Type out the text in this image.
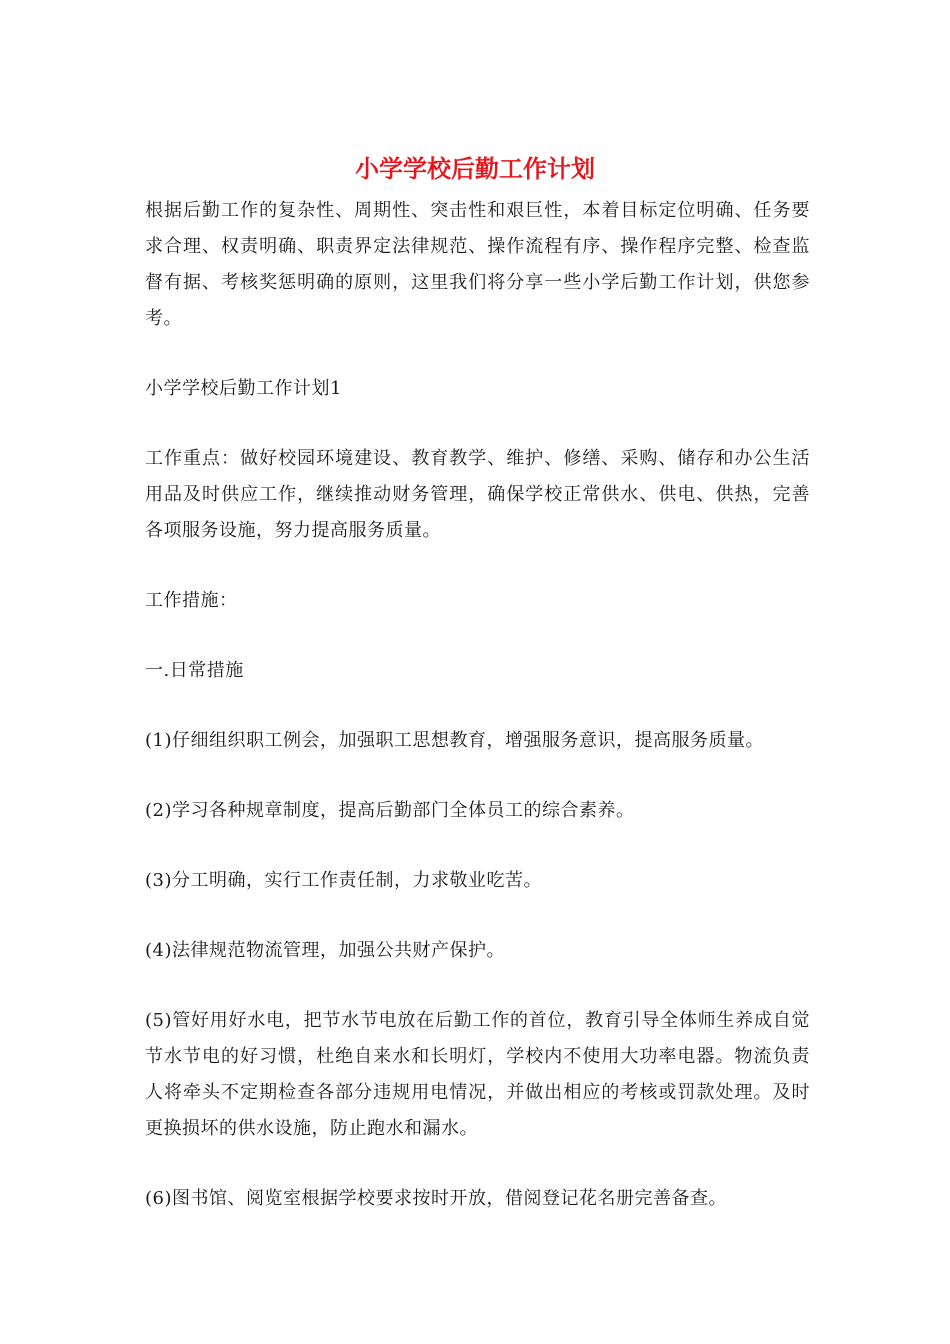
小学学校后勤工作计划

根据后勤工作的复杂性、周期性、突击性和艰巨性，本着目标定位明确、任务要求合理、权责明确、职责界定法律规范、操作流程有序、操作程序完整、检查监督有据、考核奖惩明确的原则，这里我们将分享一些小学后勤工作计划，供您参考。

小学学校后勤工作计划1

工作重点：做好校园环境建设、教育教学、维护、修缮、采购、储存和办公生活用品及时供应工作，继续推动财务管理，确保学校正常供水、供电、供热，完善各项服务设施，努力提高服务质量。

工作措施：

一.日常措施

(1)仔细组织职工例会，加强职工思想教育，增强服务意识，提高服务质量。

(2)学习各种规章制度，提高后勤部门全体员工的综合素养。

(3)分工明确，实行工作责任制，力求敬业吃苦。

(4)法律规范物流管理，加强公共财产保护。

(5)管好用好水电，把节水节电放在后勤工作的首位，教育引导全体师生养成自觉节水节电的好习惯，杜绝自来水和长明灯，学校内不使用大功率电器。物流负责人将牵头不定期检查各部分违规用电情况，并做出相应的考核或罚款处理。及时更换损坏的供水设施，防止跑水和漏水。

(6)图书馆、阅览室根据学校要求按时开放，借阅登记花名册完善备查。
